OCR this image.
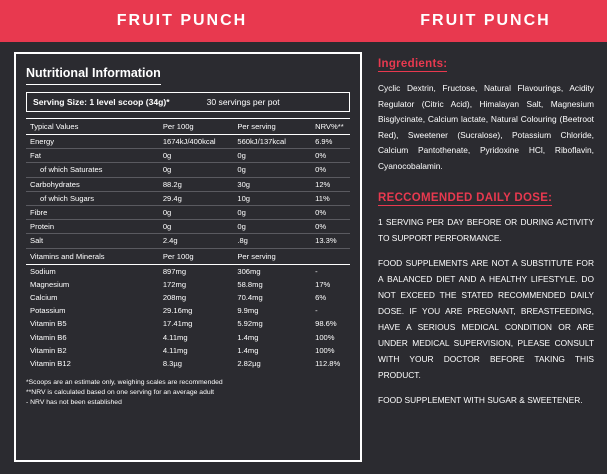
FRUIT PUNCH	FRUIT PUNCH
Nutritional Information
Serving Size: 1 level scoop (34g)*	30 servings per pot
Typical Values	Per 100g	Per serving	NRV%**
Energy	1674kJ/400kcal	560kJ/137kcal	6.9%
Fat	0g	0g	0%
of which Saturates	0g	0g	0%
Carbohydrates	88.2g	30g	12%
of which Sugars	29.4g	10g	11%
Fibre	0g	0g	0%
Protein	0g	0g	0%
Salt	2.4g	.8g	13.3%
Vitamins and Minerals	Per 100g	Per serving	
Sodium	897mg	306mg	-
Magnesium	172mg	58.8mg	17%
Calcium	208mg	70.4mg	6%
Potassium	29.16mg	9.9mg	-
Vitamin B5	17.41mg	5.92mg	98.6%
Vitamin B6	4.11mg	1.4mg	100%
Vitamin B2	4.11mg	1.4mg	100%
Vitamin B12	8.3µg	2.82µg	112.8%
*Scoops are an estimate only, weighing scales are recommended
**NRV is calculated based on one serving for an average adult
- NRV has not been established
Ingredients:
Cyclic Dextrin, Fructose, Natural Flavourings, Acidity Regulator (Citric Acid), Himalayan Salt, Magnesium Bisglycinate, Calcium lactate, Natural Colouring (Beetroot Red), Sweetener (Sucralose), Potassium Chloride, Calcium Pantothenate, Pyridoxine HCl, Riboflavin, Cyanocobalamin.
RECCOMENDED DAILY DOSE:

1 SERVING PER DAY BEFORE OR DURING ACTIVITY TO SUPPORT PERFORMANCE.

FOOD SUPPLEMENTS ARE NOT A SUBSTITUTE FOR A BALANCED DIET AND A HEALTHY LIFESTYLE. DO NOT EXCEED THE STATED RECOMMENDED DAILY DOSE. IF YOU ARE PREGNANT, BREASTFEEDING, HAVE A SERIOUS MEDICAL CONDITION OR ARE UNDER MEDICAL SUPERVISION, PLEASE CONSULT WITH YOUR DOCTOR BEFORE TAKING THIS PRODUCT.

FOOD SUPPLEMENT WITH SUGAR & SWEETENER.
